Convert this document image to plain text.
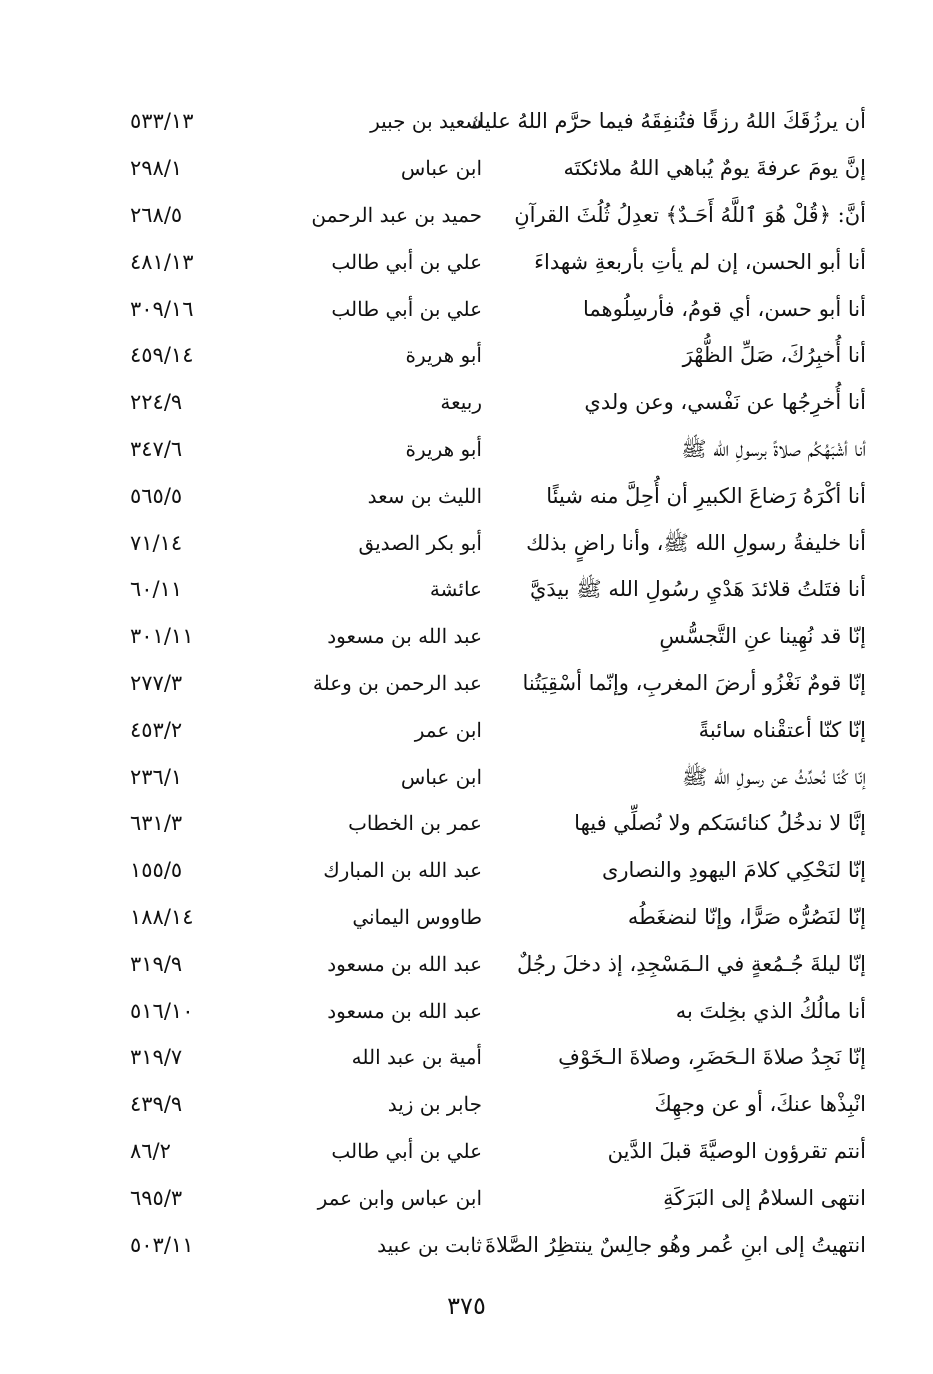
أن يرزُقَكَ اللهُ رزقًا فتُنفِقَهُ فيما حرَّم اللهُ عليك
سعيد بن جبير
٥٣٣/١٣
إنَّ يومَ عرفةَ يومٌ يُباهي اللهُ ملائكتَه
ابن عباس
٢٩٨/١
أنَّ: ﴿قُلْ هُوَ ٱللَّهُ أَحَـدٌ﴾ تعدِلُ ثُلُثَ القرآنِ
حميد بن عبد الرحمن
٢٦٨/٥
أنا أبو الحسن، إن لم يأتِ بأربعةِ شهداءَ
علي بن أبي طالب
٤٨١/١٣
أنا أبو حسن، أي قومُ، فأرسِلُوهما
علي بن أبي طالب
٣٠٩/١٦
أنا أُخبِرُكَ، صَلِّ الظُّهْرَ
أبو هريرة
٤٥٩/١٤
أنا أُخرِجُها عن نَفْسي، وعن ولدي
ربيعة
٢٢٤/٩
أنا أشْبَهُكُم صلاةً برسولِ الله ﷺ
أبو هريرة
٣٤٧/٦
أنا أكْرَهُ رَضاعَ الكبيرِ أن أُحِلَّ منه شيئًا
الليث بن سعد
٥٦٥/٥
أنا خليفةُ رسولِ الله ﷺ، وأنا راضٍ بذلك
أبو بكر الصديق
٧١/١٤
أنا فتَلتُ قلائدَ هَدْيِ رسُولِ الله ﷺ بيدَيَّ
عائشة
٦٠/١١
إنّا قد نُهِينا عنِ التَّجسُّسِ
عبد الله بن مسعود
٣٠١/١١
إنّا قومٌ نَغْزُو أرضَ المغربِ، وإنّما أسْقِيَتُنا
عبد الرحمن بن وعلة
٢٧٧/٣
إنّا كنّا أعتقْناه سائبةً
ابن عمر
٤٥٣/٢
إنّا كُنّا نُحدِّثُ عن رسولِ الله ﷺ
ابن عباس
٢٣٦/١
إنَّا لا ندخُلُ كنائسَكم ولا نُصلِّي فيها
عمر بن الخطاب
٦٣١/٣
إنّا لنَحْكِي كلامَ اليهودِ والنصارى
عبد الله بن المبارك
١٥٥/٥
إنّا لنَصُرُّه صَرًّا، وإنّا لنضغَطُه
طاووس اليماني
١٨٨/١٤
إنّا ليلةَ جُـمُعةٍ في الـمَسْجِدِ، إذ دخلَ رجُلٌ
عبد الله بن مسعود
٣١٩/٩
أنا مالُكُ الذي بخِلتَ به
عبد الله بن مسعود
٥١٦/١٠
إنّا نَجِدُ صلاةَ الـحَضَرِ، وصلاةَ الـخَوْفِ
أمية بن عبد الله
٣١٩/٧
انْبِذْها عنكَ، أو عن وجهِكَ
جابر بن زيد
٤٣٩/٩
أنتم تقرؤون الوصيَّةَ قبلَ الدَّين
علي بن أبي طالب
٨٦/٢
انتهى السلامُ إلى البَرَكَةِ
ابن عباس وابن عمر
٦٩٥/٣
انتهيتُ إلى ابنِ عُمر وهُو جالِسٌ ينتظِرُ الصَّلاةَ
ثابت بن عبيد
٥٠٣/١١
٣٧٥
